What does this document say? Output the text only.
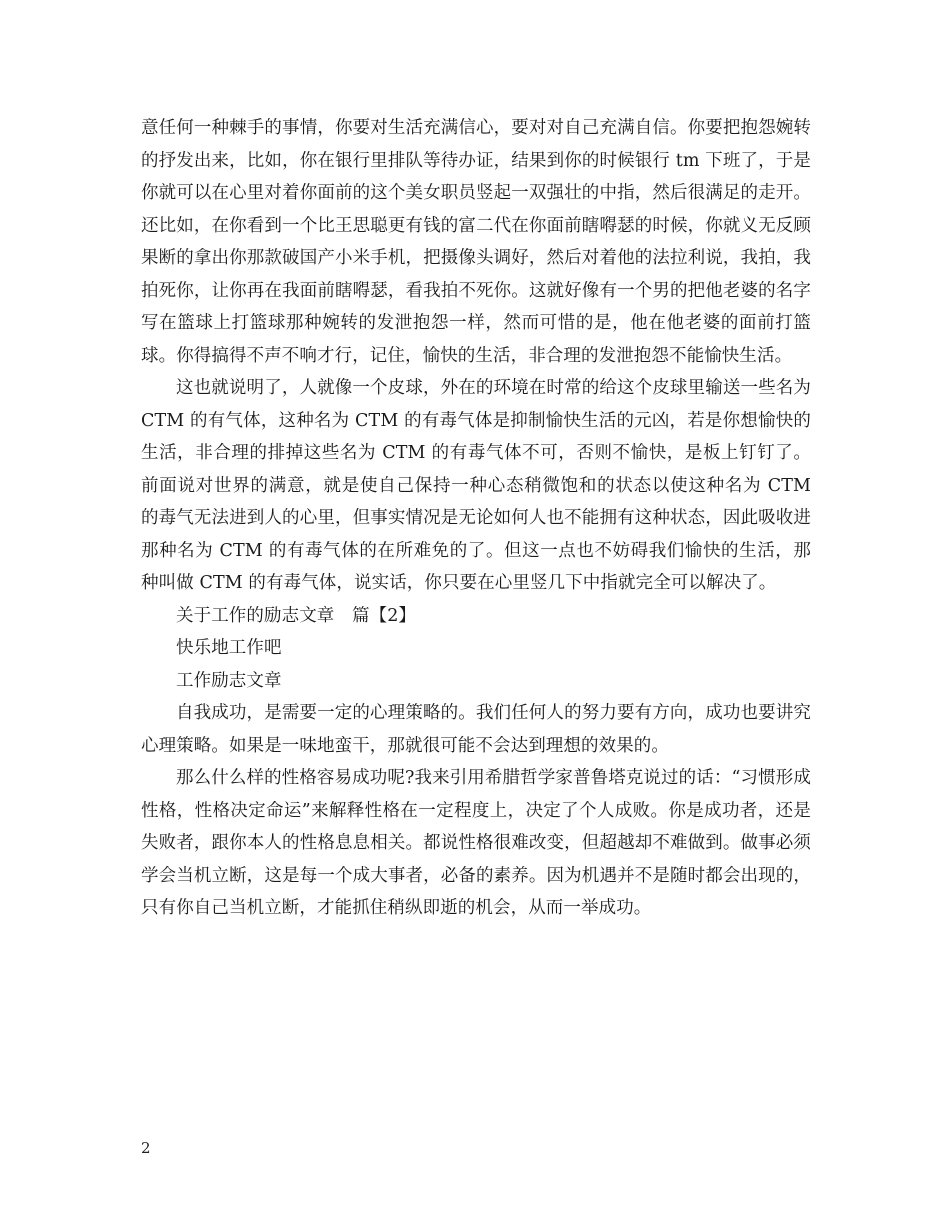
意任何一种棘手的事情，你要对生活充满信心，要对对自己充满自信。你要把抱怨婉转的抒发出来，比如，你在银行里排队等待办证，结果到你的时候银行 tm 下班了，于是你就可以在心里对着你面前的这个美女职员竖起一双强壮的中指，然后很满足的走开。还比如，在你看到一个比王思聪更有钱的富二代在你面前瞎嘚瑟的时候，你就义无反顾果断的拿出你那款破国产小米手机，把摄像头调好，然后对着他的法拉利说，我拍，我拍死你，让你再在我面前瞎嘚瑟，看我拍不死你。这就好像有一个男的把他老婆的名字写在篮球上打篮球那种婉转的发泄抱怨一样，然而可惜的是，他在他老婆的面前打篮球。你得搞得不声不响才行，记住，愉快的生活，非合理的发泄抱怨不能愉快生活。

这也就说明了，人就像一个皮球，外在的环境在时常的给这个皮球里输送一些名为 CTM 的有气体，这种名为 CTM 的有毒气体是抑制愉快生活的元凶，若是你想愉快的生活，非合理的排掉这些名为 CTM 的有毒气体不可，否则不愉快，是板上钉钉了。前面说对世界的满意，就是使自己保持一种心态稍微饱和的状态以使这种名为 CTM 的毒气无法进到人的心里，但事实情况是无论如何人也不能拥有这种状态，因此吸收进那种名为 CTM 的有毒气体的在所难免的了。但这一点也不妨碍我们愉快的生活，那种叫做 CTM 的有毒气体，说实话，你只要在心里竖几下中指就完全可以解决了。

关于工作的励志文章　篇【2】

快乐地工作吧

工作励志文章

自我成功，是需要一定的心理策略的。我们任何人的努力要有方向，成功也要讲究心理策略。如果是一味地蛮干，那就很可能不会达到理想的效果的。

那么什么样的性格容易成功呢?我来引用希腊哲学家普鲁塔克说过的话：“习惯形成性格，性格决定命运”来解释性格在一定程度上，决定了个人成败。你是成功者，还是失败者，跟你本人的性格息息相关。都说性格很难改变，但超越却不难做到。做事必须学会当机立断，这是每一个成大事者，必备的素养。因为机遇并不是随时都会出现的，只有你自己当机立断，才能抓住稍纵即逝的机会，从而一举成功。

2
